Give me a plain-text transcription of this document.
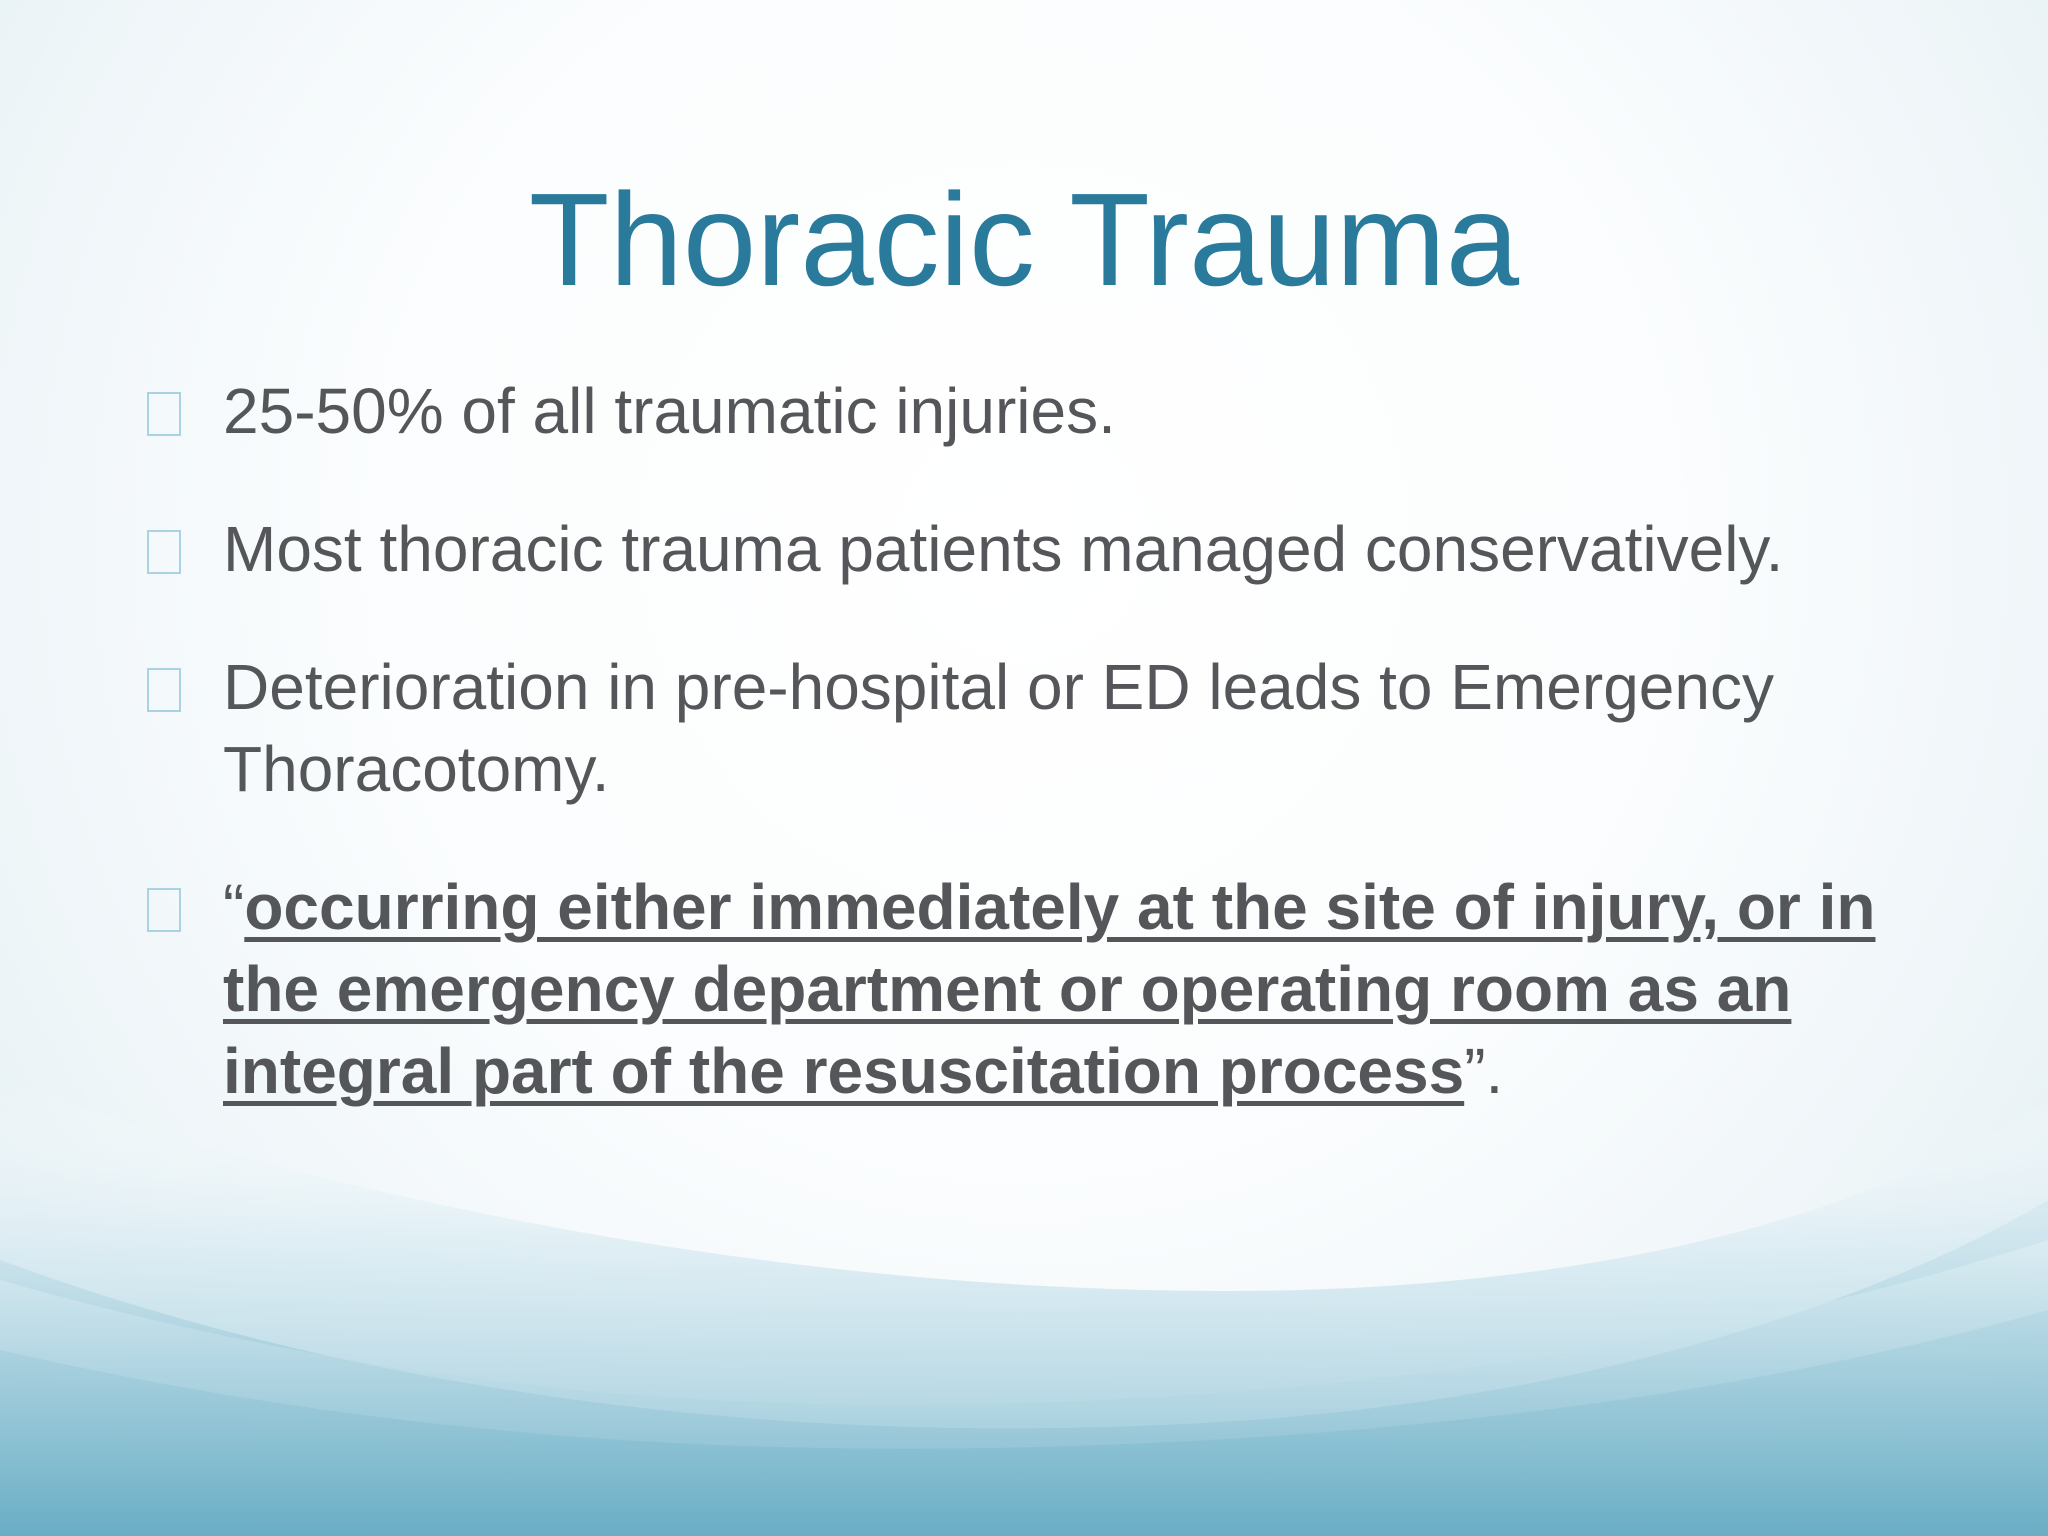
Thoracic Trauma
25-50% of all traumatic injuries.
Most thoracic trauma patients managed conservatively.
Deterioration in pre-hospital or ED leads to Emergency Thoracotomy.
“occurring either immediately at the site of injury, or in the emergency department or operating room as an integral part of the resuscitation process”.
